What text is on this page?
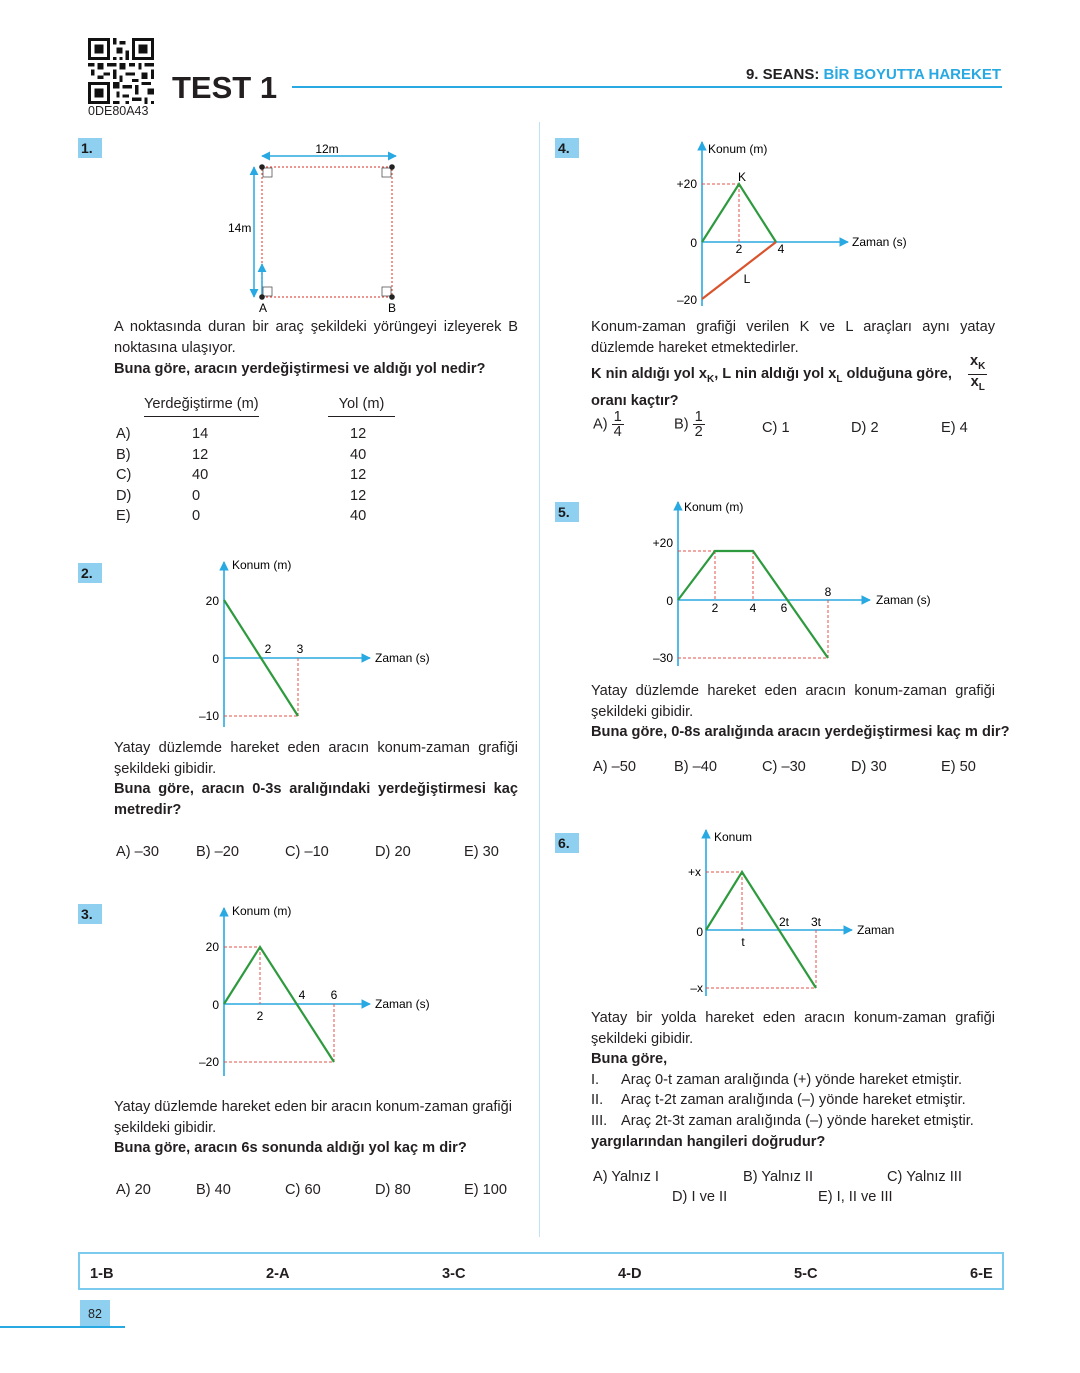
0DE80A43
TEST 1	9. SEANS: BİR BOYUTTA HAREKET
1.	12m
14m
A	B
A noktasında duran bir araç şekildeki yörüngeyi izleyerek B noktasına ulaşıyor.
Buna göre, aracın yerdeğiştirmesi ve aldığı yol nedir?
Yerdeğiştirme (m)	Yol (m)
A)	14	12
B)	12	40
C)	40	12
D)	0	12
E)	0	40
2.	Konum (m)
Zaman (s)
20
0
–10
2 3
Yatay düzlemde hareket eden aracın konum-zaman grafiği şekildeki gibidir.
Buna göre, aracın 0-3s aralığındaki yerdeğiştirmesi kaç metredir?
A) –30	B) –20	C) –10	D) 20	E) 30
3.	Konum (m)
Zaman (s)
20
0
–20
2
4 6
Yatay düzlemde hareket eden bir aracın konum-zaman grafiği şekildeki gibidir.
Buna göre, aracın 6s sonunda aldığı yol kaç m dir?
A) 20	B) 40	C) 60	D) 80	E) 100
4.	Konum (m)
Zaman (s)
+20
0
–20
2	4
K
L
Konum-zaman grafiği verilen K ve L araçları aynı yatay düzlemde hareket etmektedirler.
K nin aldığı yol $x_K$, L nin aldığı yol $x_L$ olduğuna göre,
oranı kaçtır?
$\frac{x_K}{x_L}$
$A) \frac{1}{4}$	$B) \frac{1}{2}$	C) 1	D) 2	E) 4
5.	Konum (m)
Zaman (s)
+20
0
–30
2	4 6
8
Yatay düzlemde hareket eden aracın konum-zaman grafiği şekildeki gibidir.
Buna göre, 0-8s aralığında aracın yerdeğiştirmesi kaç m dir?
A) –50	B) –40	C) –30	D) 30	E) 50
6.	Konum
Zaman
+x
0
–x
t
2t 3t
Yatay bir yolda hareket eden aracın konum-zaman grafiği şekildeki gibidir.
Buna göre,
I. Araç 0-t zaman aralığında (+) yönde hareket etmiştir.
II. Araç t-2t zaman aralığında (–) yönde hareket etmiştir.
III. Araç 2t-3t zaman aralığında (–) yönde hareket etmiştir.
yargılarından hangileri doğrudur?
A) Yalnız I	B) Yalnız II	C) Yalnız III
D) I ve II	E) I, II ve III
1-B	2-A	3-C	4-D	5-C	6-E
82
